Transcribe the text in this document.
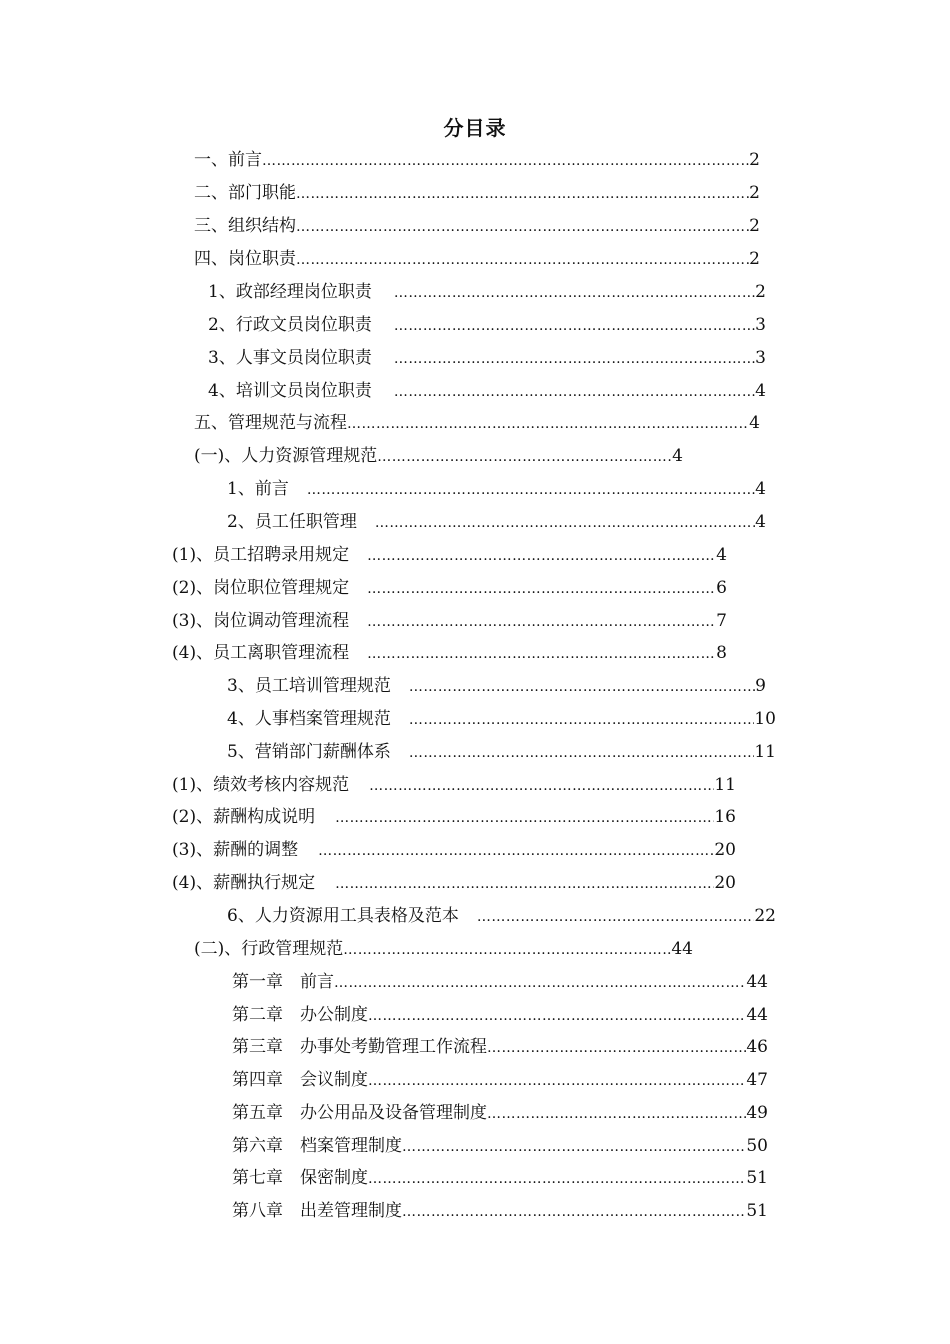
分目录
一、前言 ……………………………………………………………………………………………………………………………………………………………………………………	2
二、部门职能 ……………………………………………………………………………………………………………………………………………………………………………………	2
三、组织结构 ……………………………………………………………………………………………………………………………………………………………………………………	2
四、岗位职责 ……………………………………………………………………………………………………………………………………………………………………………………	2
1、政部经理岗位职责 ……………………………………………………………………………………………………………………………………………………………………………………	2
2、行政文员岗位职责 ……………………………………………………………………………………………………………………………………………………………………………………	3
3、人事文员岗位职责 ……………………………………………………………………………………………………………………………………………………………………………………	3
4、培训文员岗位职责 ……………………………………………………………………………………………………………………………………………………………………………………	4
五、管理规范与流程 ……………………………………………………………………………………………………………………………………………………………………………………	4
(一)、人力资源管理规范 ……………………………………………………………………………………………………………………………………………………………………………………	4
1、前言 ……………………………………………………………………………………………………………………………………………………………………………………	4
2、员工任职管理 ……………………………………………………………………………………………………………………………………………………………………………………	4
(1)、员工招聘录用规定 ……………………………………………………………………………………………………………………………………………………………………………………	4
(2)、岗位职位管理规定 ……………………………………………………………………………………………………………………………………………………………………………………	6
(3)、岗位调动管理流程 ……………………………………………………………………………………………………………………………………………………………………………………	7
(4)、员工离职管理流程 ……………………………………………………………………………………………………………………………………………………………………………………	8
3、员工培训管理规范 ……………………………………………………………………………………………………………………………………………………………………………………	9
4、人事档案管理规范 ……………………………………………………………………………………………………………………………………………………………………………………	10
5、营销部门薪酬体系 ……………………………………………………………………………………………………………………………………………………………………………………	11
(1)、绩效考核内容规范 ……………………………………………………………………………………………………………………………………………………………………………………	11
(2)、薪酬构成说明 ……………………………………………………………………………………………………………………………………………………………………………………	16
(3)、薪酬的调整 ……………………………………………………………………………………………………………………………………………………………………………………	20
(4)、薪酬执行规定 ……………………………………………………………………………………………………………………………………………………………………………………	20
6、人力资源用工具表格及范本 ……………………………………………………………………………………………………………………………………………………………………………………	22
(二)、行政管理规范 ……………………………………………………………………………………………………………………………………………………………………………………	44
第一章　前言 ……………………………………………………………………………………………………………………………………………………………………………………	44
第二章　办公制度 ……………………………………………………………………………………………………………………………………………………………………………………	44
第三章　办事处考勤管理工作流程 ……………………………………………………………………………………………………………………………………………………………………………………	46
第四章　会议制度 ……………………………………………………………………………………………………………………………………………………………………………………	47
第五章　办公用品及设备管理制度 ……………………………………………………………………………………………………………………………………………………………………………………	49
第六章　档案管理制度 ……………………………………………………………………………………………………………………………………………………………………………………	50
第七章　保密制度 ……………………………………………………………………………………………………………………………………………………………………………………	51
第八章　出差管理制度 ……………………………………………………………………………………………………………………………………………………………………………………	51
